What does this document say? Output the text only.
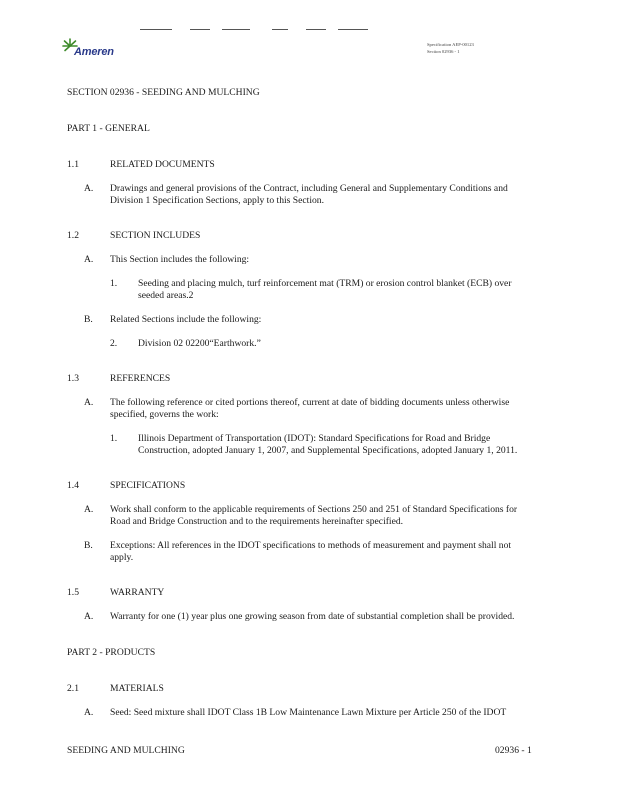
Ameren
Specification AEP-00123
Section 02936 - 1
SECTION 02936 - SEEDING AND MULCHING
PART 1 - GENERAL
1.1	RELATED DOCUMENTS
A. Drawings and general provisions of the Contract, including General and Supplementary Conditions and
Division 1 Specification Sections, apply to this Section.
1.2	SECTION INCLUDES
A. This Section includes the following:
1. Seeding and placing mulch, turf reinforcement mat (TRM) or erosion control blanket (ECB) over
seeded areas.2
B. Related Sections include the following:
2. Division 02 02200“Earthwork.”
1.3	REFERENCES
A. The following reference or cited portions thereof, current at date of bidding documents unless otherwise
specified, governs the work:
1. Illinois Department of Transportation (IDOT): Standard Specifications for Road and Bridge
Construction, adopted January 1, 2007, and Supplemental Specifications, adopted January 1, 2011.
1.4	SPECIFICATIONS
A. Work shall conform to the applicable requirements of Sections 250 and 251 of Standard Specifications for
Road and Bridge Construction and to the requirements hereinafter specified.
B. Exceptions: All references in the IDOT specifications to methods of measurement and payment shall not
apply.
1.5	WARRANTY
A. Warranty for one (1) year plus one growing season from date of substantial completion shall be provided.
PART 2 - PRODUCTS
2.1	MATERIALS
A. Seed: Seed mixture shall IDOT Class 1B Low Maintenance Lawn Mixture per Article 250 of the IDOT
SEEDING AND MULCHING	02936 - 1
